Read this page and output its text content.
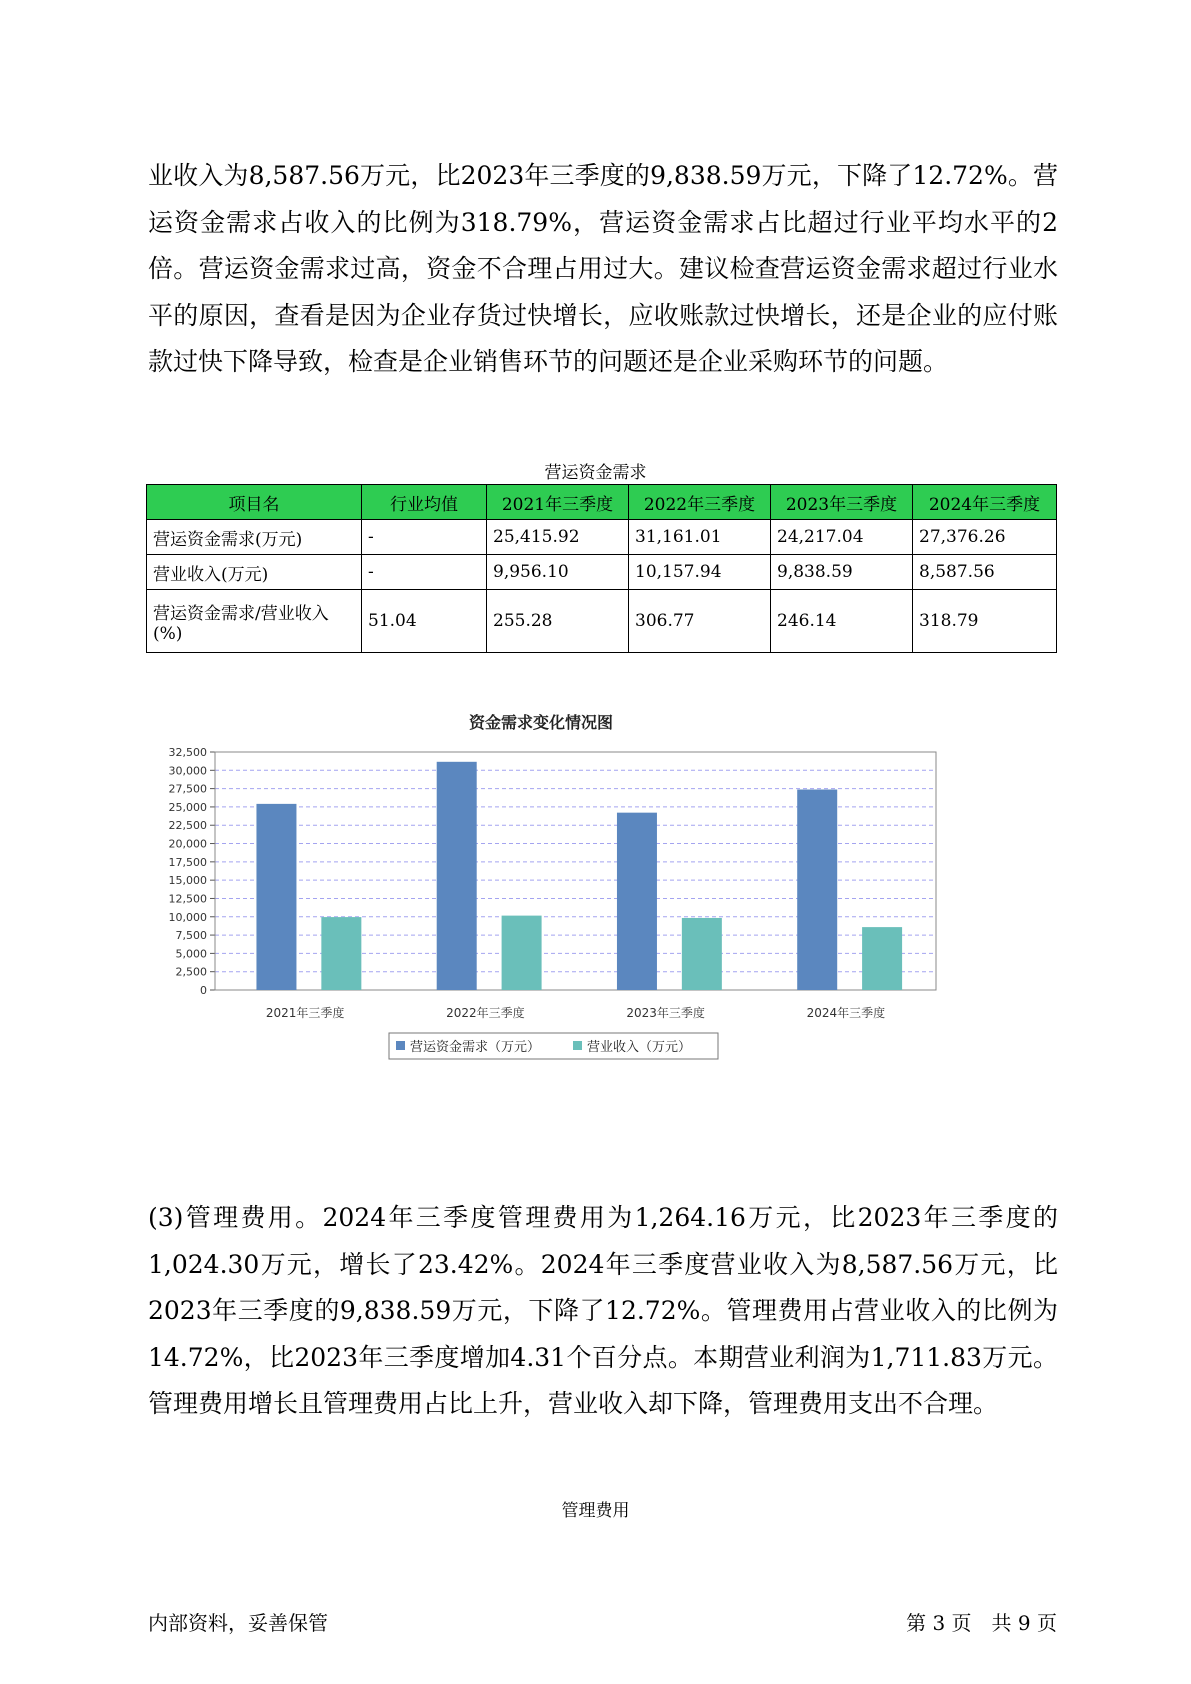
业收入为8,587.56万元，比2023年三季度的9,838.59万元，下降了12.72%。营运资金需求占收入的比例为318.79%，营运资金需求占比超过行业平均水平的2倍。营运资金需求过高，资金不合理占用过大。建议检查营运资金需求超过行业水平的原因，查看是因为企业存货过快增长，应收账款过快增长，还是企业的应付账款过快下降导致，检查是企业销售环节的问题还是企业采购环节的问题。

营运资金需求
项目名	行业均值	2021年三季度	2022年三季度	2023年三季度	2024年三季度
营运资金需求(万元)	-	25,415.92	31,161.01	24,217.04	27,376.26
营业收入(万元)	-	9,956.10	10,157.94	9,838.59	8,587.56
营运资金需求/营业收入(%)	51.04	255.28	306.77	246.14	318.79
资金需求变化情况图
0
2,500
5,000
7,500
10,000
12,500
15,000
17,500
20,000
22,500
25,000
27,500
30,000
32,500
2021年三季度	2022年三季度	2023年三季度	2024年三季度
营运资金需求（万元）	营业收入（万元）

(3)管理费用。2024年三季度管理费用为1,264.16万元，比2023年三季度的1,024.30万元，增长了23.42%。2024年三季度营业收入为8,587.56万元，比2023年三季度的9,838.59万元，下降了12.72%。管理费用占营业收入的比例为14.72%，比2023年三季度增加4.31个百分点。本期营业利润为1,711.83万元。管理费用增长且管理费用占比上升，营业收入却下降，管理费用支出不合理。

管理费用
内部资料，妥善保管	第 3 页　共 9 页
